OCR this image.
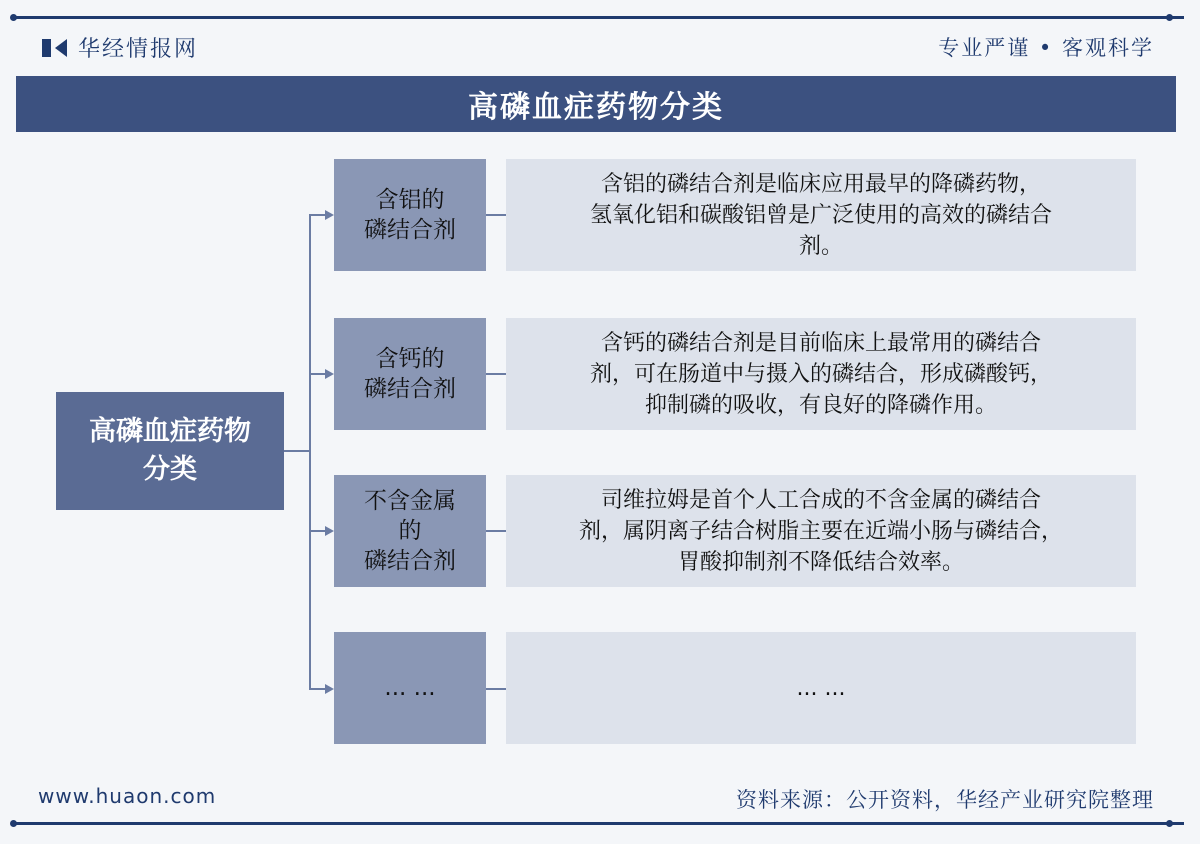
华经情报网	专业严谨 • 客观科学
高磷血症药物分类
高磷血症药物
分类
含铝的
磷结合剂
含铝的磷结合剂是临床应用最早的降磷药物，
氢氧化铝和碳酸铝曾是广泛使用的高效的磷结合
剂。
含钙的
磷结合剂
含钙的磷结合剂是目前临床上最常用的磷结合
剂，可在肠道中与摄入的磷结合，形成磷酸钙，
抑制磷的吸收，有良好的降磷作用。
不含金属
的
磷结合剂
司维拉姆是首个人工合成的不含金属的磷结合
剂，属阴离子结合树脂主要在近端小肠与磷结合，
胃酸抑制剂不降低结合效率。
... ...	... ...
www.huaon.com	资料来源：公开资料，华经产业研究院整理
